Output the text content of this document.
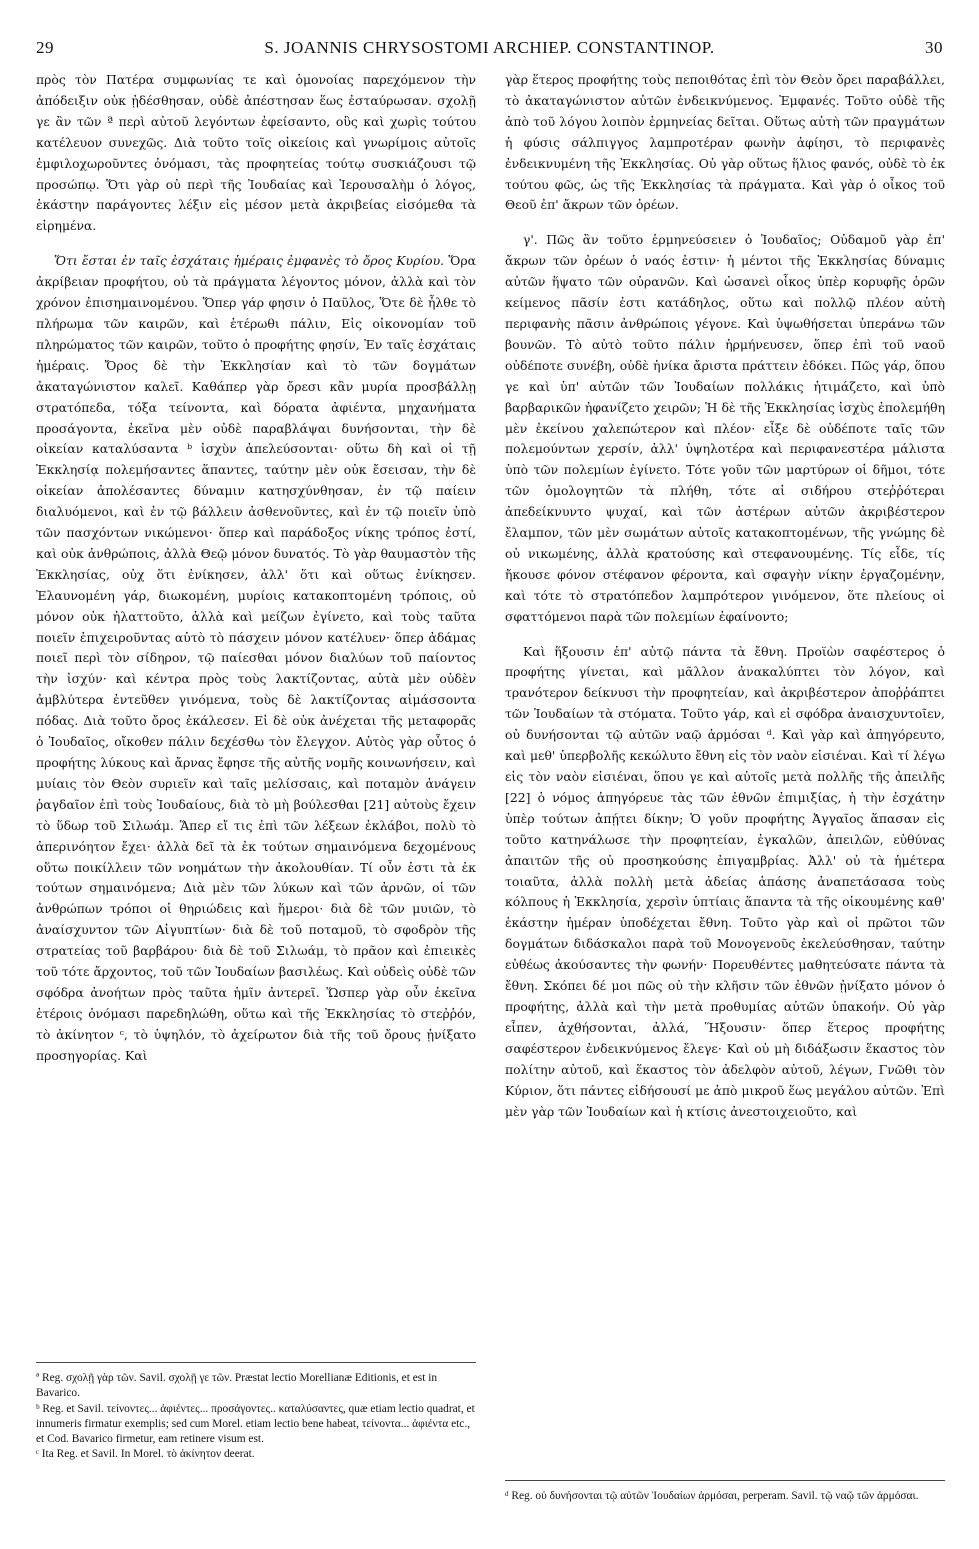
29	S. JOANNIS CHRYSOSTOMI ARCHIEP. CONSTANTINOP.	30

πρὸς τὸν Πατέρα συμφωνίας τε καὶ ὁμονοίας παρεχόμενον τὴν ἀπόδειξιν οὐκ ᾐδέσθησαν, οὐδὲ ἀπέστησαν ἕως ἐσταύρωσαν. σχολῇ γε ἂν τῶν ª περὶ αὐτοῦ λεγόντων ἐφείσαντο, οὓς καὶ χωρὶς τούτου κατέλευον συνεχῶς. Διὰ τοῦτο τοῖς οἰκείοις καὶ γνωρίμοις αὐτοῖς ἐμφιλοχωροῦντες ὀνόμασι, τὰς προφητείας τούτῳ συσκιάζουσι τῷ προσώπῳ. Ὅτι γὰρ οὐ περὶ τῆς Ἰουδαίας καὶ Ἱερουσαλὴμ ὁ λόγος, ἑκάστην παράγοντες λέξιν εἰς μέσον μετὰ ἀκριβείας εἰσόμεθα τὰ εἰρημένα.

Ὅτι ἔσται ἐν ταῖς ἐσχάταις ἡμέραις ἐμφανὲς τὸ ὄρος Κυρίου. Ὅρα ἀκρίβειαν προφήτου, οὐ τὰ πράγματα λέγοντος μόνον, ἀλλὰ καὶ τὸν χρόνον ἐπισημαινομένου. Ὅπερ γάρ φησιν ὁ Παῦλος, Ὅτε δὲ ἦλθε τὸ πλήρωμα τῶν καιρῶν, καὶ ἑτέρωθι πάλιν, Εἰς οἰκονομίαν τοῦ πληρώματος τῶν καιρῶν, τοῦτο ὁ προφήτης φησίν, Ἐν ταῖς ἐσχάταις ἡμέραις. Ὄρος δὲ τὴν Ἐκκλησίαν καὶ τὸ τῶν δογμάτων ἀκαταγώνιστον καλεῖ. Καθάπερ γὰρ ὄρεσι κἂν μυρία προσβάλλῃ στρατόπεδα, τόξα τείνοντα, καὶ δόρατα ἀφιέντα, μηχανήματα προσάγοντα, ἐκεῖνα μὲν οὐδὲ παραβλάψαι δυνήσονται, τὴν δὲ οἰκείαν καταλύσαντα ᵇ ἰσχὺν ἀπελεύσονται· οὕτω δὴ καὶ οἱ τῇ Ἐκκλησίᾳ πολεμήσαντες ἅπαντες, ταύτην μὲν οὐκ ἔσεισαν, τὴν δὲ οἰκείαν ἀπολέσαντες δύναμιν κατησχύνθησαν, ἐν τῷ παίειν διαλυόμενοι, καὶ ἐν τῷ βάλλειν ἀσθενοῦντες, καὶ ἐν τῷ ποιεῖν ὑπὸ τῶν πασχόντων νικώμενοι· ὅπερ καὶ παράδοξος νίκης τρόπος ἐστί, καὶ οὐκ ἀνθρώποις, ἀλλὰ Θεῷ μόνον δυνατός. Τὸ γὰρ θαυμαστὸν τῆς Ἐκκλησίας, οὐχ ὅτι ἐνίκησεν, ἀλλ' ὅτι καὶ οὕτως ἐνίκησεν. Ἐλαυνομένη γάρ, διωκομένη, μυρίοις κατακοπτομένη τρόποις, οὐ μόνον οὐκ ἠλαττοῦτο, ἀλλὰ καὶ μείζων ἐγίνετο, καὶ τοὺς ταῦτα ποιεῖν ἐπιχειροῦντας αὐτὸ τὸ πάσχειν μόνον κατέλυεν· ὅπερ ἀδάμας ποιεῖ περὶ τὸν σίδηρον, τῷ παίεσθαι μόνον διαλύων τοῦ παίοντος τὴν ἰσχύν· καὶ κέντρα πρὸς τοὺς λακτίζοντας, αὐτὰ μὲν οὐδὲν ἀμβλύτερα ἐντεῦθεν γινόμενα, τοὺς δὲ λακτίζοντας αἱμάσσοντα πόδας. Διὰ τοῦτο ὄρος ἐκάλεσεν. Εἰ δὲ οὐκ ἀνέχεται τῆς μεταφορᾶς ὁ Ἰουδαῖος, οἴκοθεν πάλιν δεχέσθω τὸν ἔλεγχον. Αὐτὸς γὰρ οὗτος ὁ προφήτης λύκους καὶ ἄρνας ἔφησε τῆς αὐτῆς νομῆς κοινωνήσειν, καὶ μυίαις τὸν Θεὸν συριεῖν καὶ ταῖς μελίσσαις, καὶ ποταμὸν ἀνάγειν ῥαγδαῖον ἐπὶ τοὺς Ἰουδαίους, διὰ τὸ μὴ βούλεσθαι [21] αὐτοὺς ἔχειν τὸ ὕδωρ τοῦ Σιλωάμ. Ἅπερ εἴ τις ἐπὶ τῶν λέξεων ἐκλάβοι, πολὺ τὸ ἀπερινόητον ἔχει· ἀλλὰ δεῖ τὰ ἐκ τούτων σημαινόμενα δεχομένους οὕτω ποικίλλειν τῶν νοημάτων τὴν ἀκολουθίαν. Τί οὖν ἐστι τὰ ἐκ τούτων σημαινόμενα; Διὰ μὲν τῶν λύκων καὶ τῶν ἀρνῶν, οἱ τῶν ἀνθρώπων τρόποι οἱ θηριώδεις καὶ ἥμεροι· διὰ δὲ τῶν μυιῶν, τὸ ἀναίσχυντον τῶν Αἰγυπτίων· διὰ δὲ τοῦ ποταμοῦ, τὸ σφοδρὸν τῆς στρατείας τοῦ βαρβάρου· διὰ δὲ τοῦ Σιλωάμ, τὸ πρᾶον καὶ ἐπιεικὲς τοῦ τότε ἄρχοντος, τοῦ τῶν Ἰουδαίων βασιλέως. Καὶ οὐδεὶς οὐδὲ τῶν σφόδρα ἀνοήτων πρὸς ταῦτα ἡμῖν ἀντερεῖ. Ὥσπερ γὰρ οὖν ἐκεῖνα ἑτέροις ὀνόμασι παρεδηλώθη, οὕτω καὶ τῆς Ἐκκλησίας τὸ στεῤῥόν, τὸ ἀκίνητον ᶜ, τὸ ὑψηλόν, τὸ ἀχείρωτον διὰ τῆς τοῦ ὄρους ᾐνίξατο προσηγορίας. Καὶ

γὰρ ἕτερος προφήτης τοὺς πεποιθότας ἐπὶ τὸν Θεὸν ὄρει παραβάλλει, τὸ ἀκαταγώνιστον αὐτῶν ἐνδεικνύμενος. Ἐμφανές. Τοῦτο οὐδὲ τῆς ἀπὸ τοῦ λόγου λοιπὸν ἑρμηνείας δεῖται. Οὕτως αὐτὴ τῶν πραγμάτων ἡ φύσις σάλπιγγος λαμπροτέραν φωνὴν ἀφίησι, τὸ περιφανὲς ἐνδεικνυμένη τῆς Ἐκκλησίας. Οὐ γὰρ οὕτως ἥλιος φανός, οὐδὲ τὸ ἐκ τούτου φῶς, ὡς τῆς Ἐκκλησίας τὰ πράγματα. Καὶ γὰρ ὁ οἶκος τοῦ Θεοῦ ἐπ' ἄκρων τῶν ὀρέων.

γ'. Πῶς ἂν τοῦτο ἑρμηνεύσειεν ὁ Ἰουδαῖος; Οὐδαμοῦ γὰρ ἐπ' ἄκρων τῶν ὀρέων ὁ ναός ἐστιν· ἡ μέντοι τῆς Ἐκκλησίας δύναμις αὐτῶν ἥψατο τῶν οὐρανῶν. Καὶ ὡσανεὶ οἶκος ὑπὲρ κορυφῆς ὀρῶν κείμενος πᾶσίν ἐστι κατάδηλος, οὕτω καὶ πολλῷ πλέον αὐτὴ περιφανὴς πᾶσιν ἀνθρώποις γέγονε. Καὶ ὑψωθήσεται ὑπεράνω τῶν βουνῶν. Τὸ αὐτὸ τοῦτο πάλιν ἡρμήνευσεν, ὅπερ ἐπὶ τοῦ ναοῦ οὐδέποτε συνέβη, οὐδὲ ἡνίκα ἄριστα πράττειν ἐδόκει. Πῶς γάρ, ὅπου γε καὶ ὑπ' αὐτῶν τῶν Ἰουδαίων πολλάκις ἠτιμάζετο, καὶ ὑπὸ βαρβαρικῶν ἠφανίζετο χειρῶν; Ἡ δὲ τῆς Ἐκκλησίας ἰσχὺς ἐπολεμήθη μὲν ἐκείνου χαλεπώτερον καὶ πλέον· εἶξε δὲ οὐδέποτε ταῖς τῶν πολεμούντων χερσίν, ἀλλ' ὑψηλοτέρα καὶ περιφανεστέρα μάλιστα ὑπὸ τῶν πολεμίων ἐγίνετο. Τότε γοῦν τῶν μαρτύρων οἱ δῆμοι, τότε τῶν ὁμολογητῶν τὰ πλήθη, τότε αἱ σιδήρου στεῤῥότεραι ἀπεδείκνυντο ψυχαί, καὶ τῶν ἀστέρων αὐτῶν ἀκριβέστερον ἔλαμπον, τῶν μὲν σωμάτων αὐτοῖς κατακοπτομένων, τῆς γνώμης δὲ οὐ νικωμένης, ἀλλὰ κρατούσης καὶ στεφανουμένης. Τίς εἶδε, τίς ἤκουσε φόνον στέφανον φέροντα, καὶ σφαγὴν νίκην ἐργαζομένην, καὶ τότε τὸ στρατόπεδον λαμπρότερον γινόμενον, ὅτε πλείους οἱ σφαττόμενοι παρὰ τῶν πολεμίων ἐφαίνοντο;

Καὶ ἥξουσιν ἐπ' αὐτῷ πάντα τὰ ἔθνη. Προϊὼν σαφέστερος ὁ προφήτης γίνεται, καὶ μᾶλλον ἀνακαλύπτει τὸν λόγον, καὶ τρανότερον δείκνυσι τὴν προφητείαν, καὶ ἀκριβέστερον ἀποῤῥάπτει τῶν Ἰουδαίων τὰ στόματα. Τοῦτο γάρ, καὶ εἰ σφόδρα ἀναισχυντοῖεν, οὐ δυνήσονται τῷ αὐτῶν ναῷ ἁρμόσαι ᵈ. Καὶ γὰρ καὶ ἀπηγόρευτο, καὶ μεθ' ὑπερβολῆς κεκώλυτο ἔθνη εἰς τὸν ναὸν εἰσιέναι. Καὶ τί λέγω εἰς τὸν ναὸν εἰσιέναι, ὅπου γε καὶ αὐτοῖς μετὰ πολλῆς τῆς ἀπειλῆς [22] ὁ νόμος ἀπηγόρευε τὰς τῶν ἐθνῶν ἐπιμιξίας, ἡ τὴν ἐσχάτην ὑπὲρ τούτων ἀπῄτει δίκην; Ὁ γοῦν προφήτης Ἀγγαῖος ἅπασαν εἰς τοῦτο κατηνάλωσε τὴν προφητείαν, ἐγκαλῶν, ἀπειλῶν, εὐθύνας ἀπαιτῶν τῆς οὐ προσηκούσης ἐπιγαμβρίας. Ἀλλ' οὐ τὰ ἡμέτερα τοιαῦτα, ἀλλὰ πολλὴ μετὰ ἀδείας ἁπάσης ἀναπετάσασα τοὺς κόλπους ἡ Ἐκκλησία, χερσὶν ὑπτίαις ἅπαντα τὰ τῆς οἰκουμένης καθ' ἑκάστην ἡμέραν ὑποδέχεται ἔθνη. Τοῦτο γὰρ καὶ οἱ πρῶτοι τῶν δογμάτων διδάσκαλοι παρὰ τοῦ Μονογενοῦς ἐκελεύσθησαν, ταύτην εὐθέως ἀκούσαντες τὴν φωνήν· Πορευθέντες μαθητεύσατε πάντα τὰ ἔθνη. Σκόπει δέ μοι πῶς οὐ τὴν κλῆσιν τῶν ἐθνῶν ᾐνίξατο μόνον ὁ προφήτης, ἀλλὰ καὶ τὴν μετὰ προθυμίας αὐτῶν ὑπακοήν. Οὐ γὰρ εἶπεν, ἀχθήσονται, ἀλλά, Ἥξουσιν· ὅπερ ἕτερος προφήτης σαφέστερον ἐνδεικνύμενος ἔλεγε· Καὶ οὐ μὴ διδάξωσιν ἕκαστος τὸν πολίτην αὐτοῦ, καὶ ἕκαστος τὸν ἀδελφὸν αὐτοῦ, λέγων, Γνῶθι τὸν Κύριον, ὅτι πάντες εἰδήσουσί με ἀπὸ μικροῦ ἕως μεγάλου αὐτῶν. Ἐπὶ μὲν γὰρ τῶν Ἰουδαίων καὶ ἡ κτίσις ἀνεστοιχειοῦτο, καὶ

ª Reg. σχολῇ γὰρ τῶν. Savil. σχολῇ γε τῶν. Præstat lectio Morellianæ Editionis, et est in Bavarico.

ᵇ Reg. et Savil. τείνοντες... ἀφιέντες... προσάγοντες.. καταλύσαντες, quæ etiam lectio quadrat, et innumeris firmatur exemplis; sed cum Morel. etiam lectio bene habeat, τείνοντα... ἀφιέντα etc., et Cod. Bavarico firmetur, eam retinere visum est.

ᶜ Ita Reg. et Savil. In Morel. τὸ ἀκίνητον deerat.

ᵈ Reg. οὐ δυνήσονται τῷ αὐτῶν Ἰουδαίων ἁρμόσαι, perperam. Savil. τῷ ναῷ τῶν ἀρμόσαι.
